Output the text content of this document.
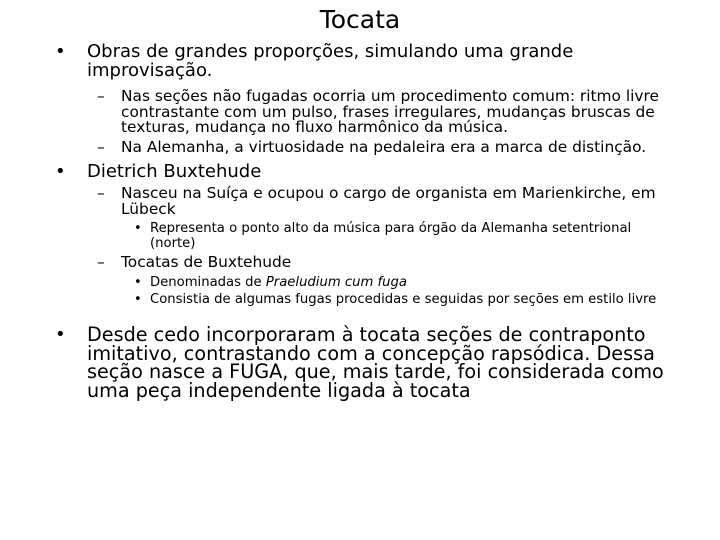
Tocata
• Obras de grandes proporções, simulando uma grande improvisação.
– Nas seções não fugadas ocorria um procedimento comum: ritmo livre contrastante com um pulso, frases irregulares, mudanças bruscas de texturas, mudança no fluxo harmônico da música.
– Na Alemanha, a virtuosidade na pedaleira era a marca de distinção.
• Dietrich Buxtehude
– Nasceu na Suíça e ocupou o cargo de organista em Marienkirche, em Lübeck
• Representa o ponto alto da música para órgão da Alemanha setentrional (norte)
– Tocatas de Buxtehude
• Denominadas de Praeludium cum fuga
• Consistia de algumas fugas procedidas e seguidas por seções em estilo livre
• Desde cedo incorporaram à tocata seções de contraponto imitativo, contrastando com a concepção rapsódica. Dessa seção nasce a FUGA, que, mais tarde, foi considerada como uma peça independente ligada à tocata
